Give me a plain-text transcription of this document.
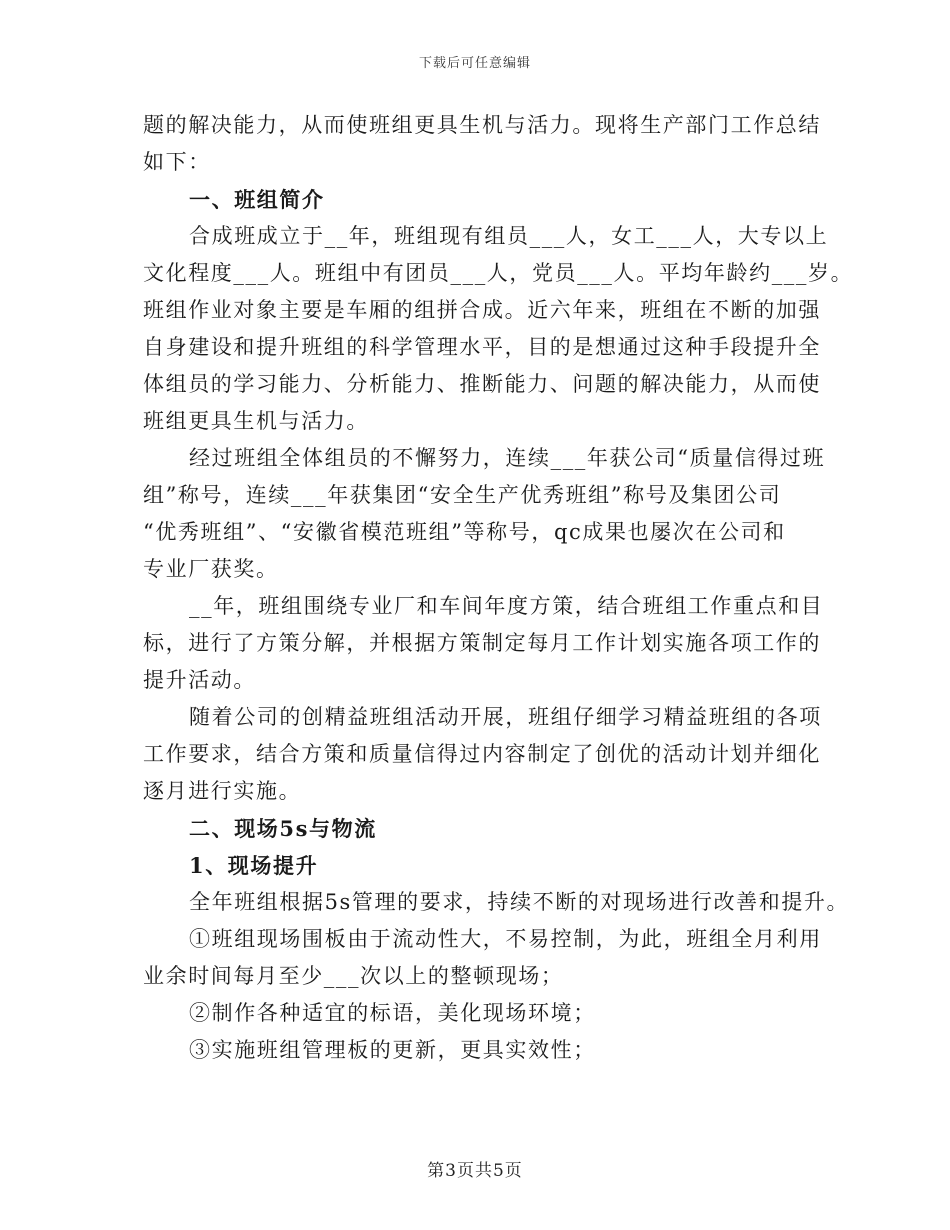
下载后可任意编辑
题的解决能力，从而使班组更具生机与活力。现将生产部门工作总结
如下：
一、班组简介
合成班成立于__年，班组现有组员___人，女工___人，大专以上
文化程度___人。班组中有团员___人，党员___人。平均年龄约___岁。
班组作业对象主要是车厢的组拼合成。近六年来，班组在不断的加强
自身建设和提升班组的科学管理水平，目的是想通过这种手段提升全
体组员的学习能力、分析能力、推断能力、问题的解决能力，从而使
班组更具生机与活力。
经过班组全体组员的不懈努力，连续___年获公司“质量信得过班
组”称号，连续___年获集团“安全生产优秀班组”称号及集团公司
“优秀班组”、“安徽省模范班组”等称号，qc成果也屡次在公司和
专业厂获奖。
__年，班组围绕专业厂和车间年度方策，结合班组工作重点和目
标，进行了方策分解，并根据方策制定每月工作计划实施各项工作的
提升活动。
随着公司的创精益班组活动开展，班组仔细学习精益班组的各项
工作要求，结合方策和质量信得过内容制定了创优的活动计划并细化
逐月进行实施。
二、现场5s与物流
1、现场提升
全年班组根据5s管理的要求，持续不断的对现场进行改善和提升。
①班组现场围板由于流动性大，不易控制，为此，班组全月利用
业余时间每月至少___次以上的整顿现场；
②制作各种适宜的标语，美化现场环境；
③实施班组管理板的更新，更具实效性；
第3页共5页
